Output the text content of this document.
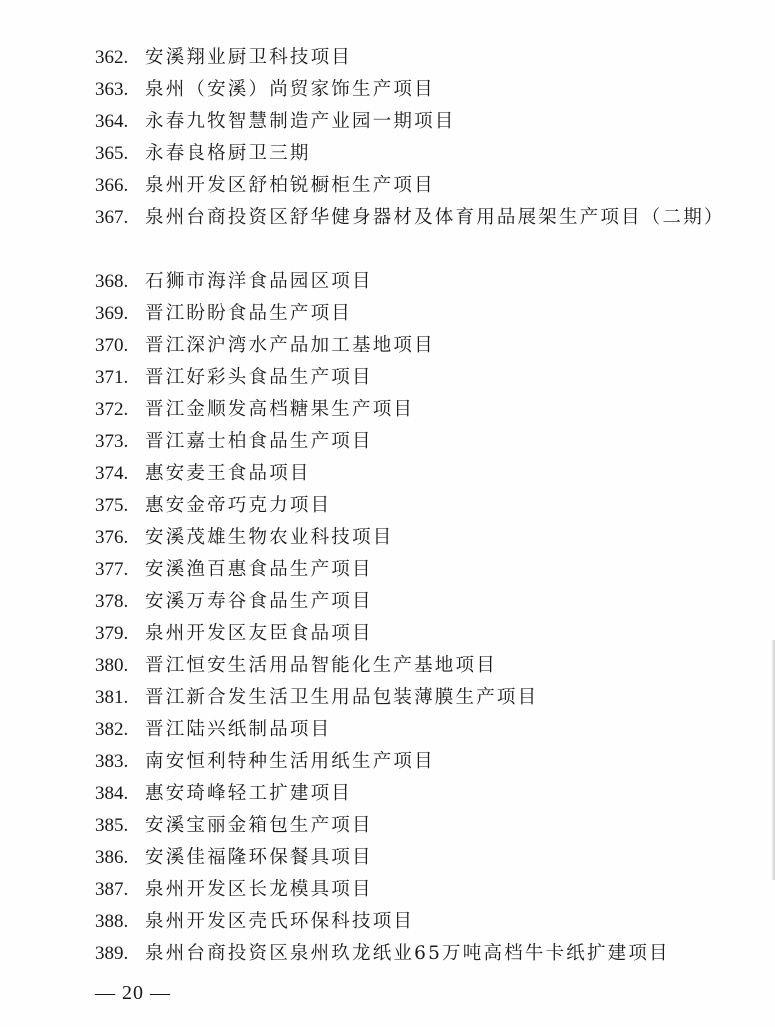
362. 安溪翔业厨卫科技项目
363. 泉州（安溪）尚贸家饰生产项目
364. 永春九牧智慧制造产业园一期项目
365. 永春良格厨卫三期
366. 泉州开发区舒柏锐橱柜生产项目
367. 泉州台商投资区舒华健身器材及体育用品展架生产项目（二期）
368. 石狮市海洋食品园区项目
369. 晋江盼盼食品生产项目
370. 晋江深沪湾水产品加工基地项目
371. 晋江好彩头食品生产项目
372. 晋江金顺发高档糖果生产项目
373. 晋江嘉士柏食品生产项目
374. 惠安麦王食品项目
375. 惠安金帝巧克力项目
376. 安溪茂雄生物农业科技项目
377. 安溪渔百惠食品生产项目
378. 安溪万寿谷食品生产项目
379. 泉州开发区友臣食品项目
380. 晋江恒安生活用品智能化生产基地项目
381. 晋江新合发生活卫生用品包装薄膜生产项目
382. 晋江陆兴纸制品项目
383. 南安恒利特种生活用纸生产项目
384. 惠安琦峰轻工扩建项目
385. 安溪宝丽金箱包生产项目
386. 安溪佳福隆环保餐具项目
387. 泉州开发区长龙模具项目
388. 泉州开发区壳氏环保科技项目
389. 泉州台商投资区泉州玖龙纸业65万吨高档牛卡纸扩建项目
— 20 —
